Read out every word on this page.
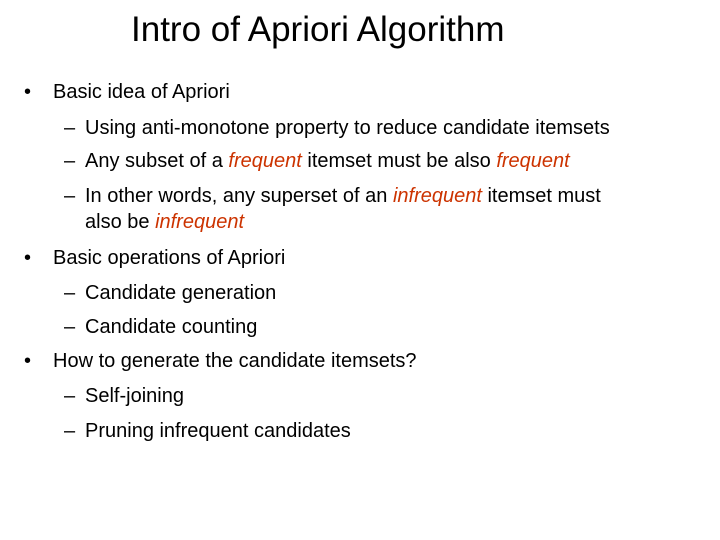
Intro of Apriori Algorithm
• Basic idea of Apriori
– Using anti-monotone property to reduce candidate itemsets
– Any subset of a frequent itemset must be also frequent
– In other words, any superset of an infrequent itemset must
also be infrequent
• Basic operations of Apriori
– Candidate generation
– Candidate counting
• How to generate the candidate itemsets?
– Self-joining
– Pruning infrequent candidates
